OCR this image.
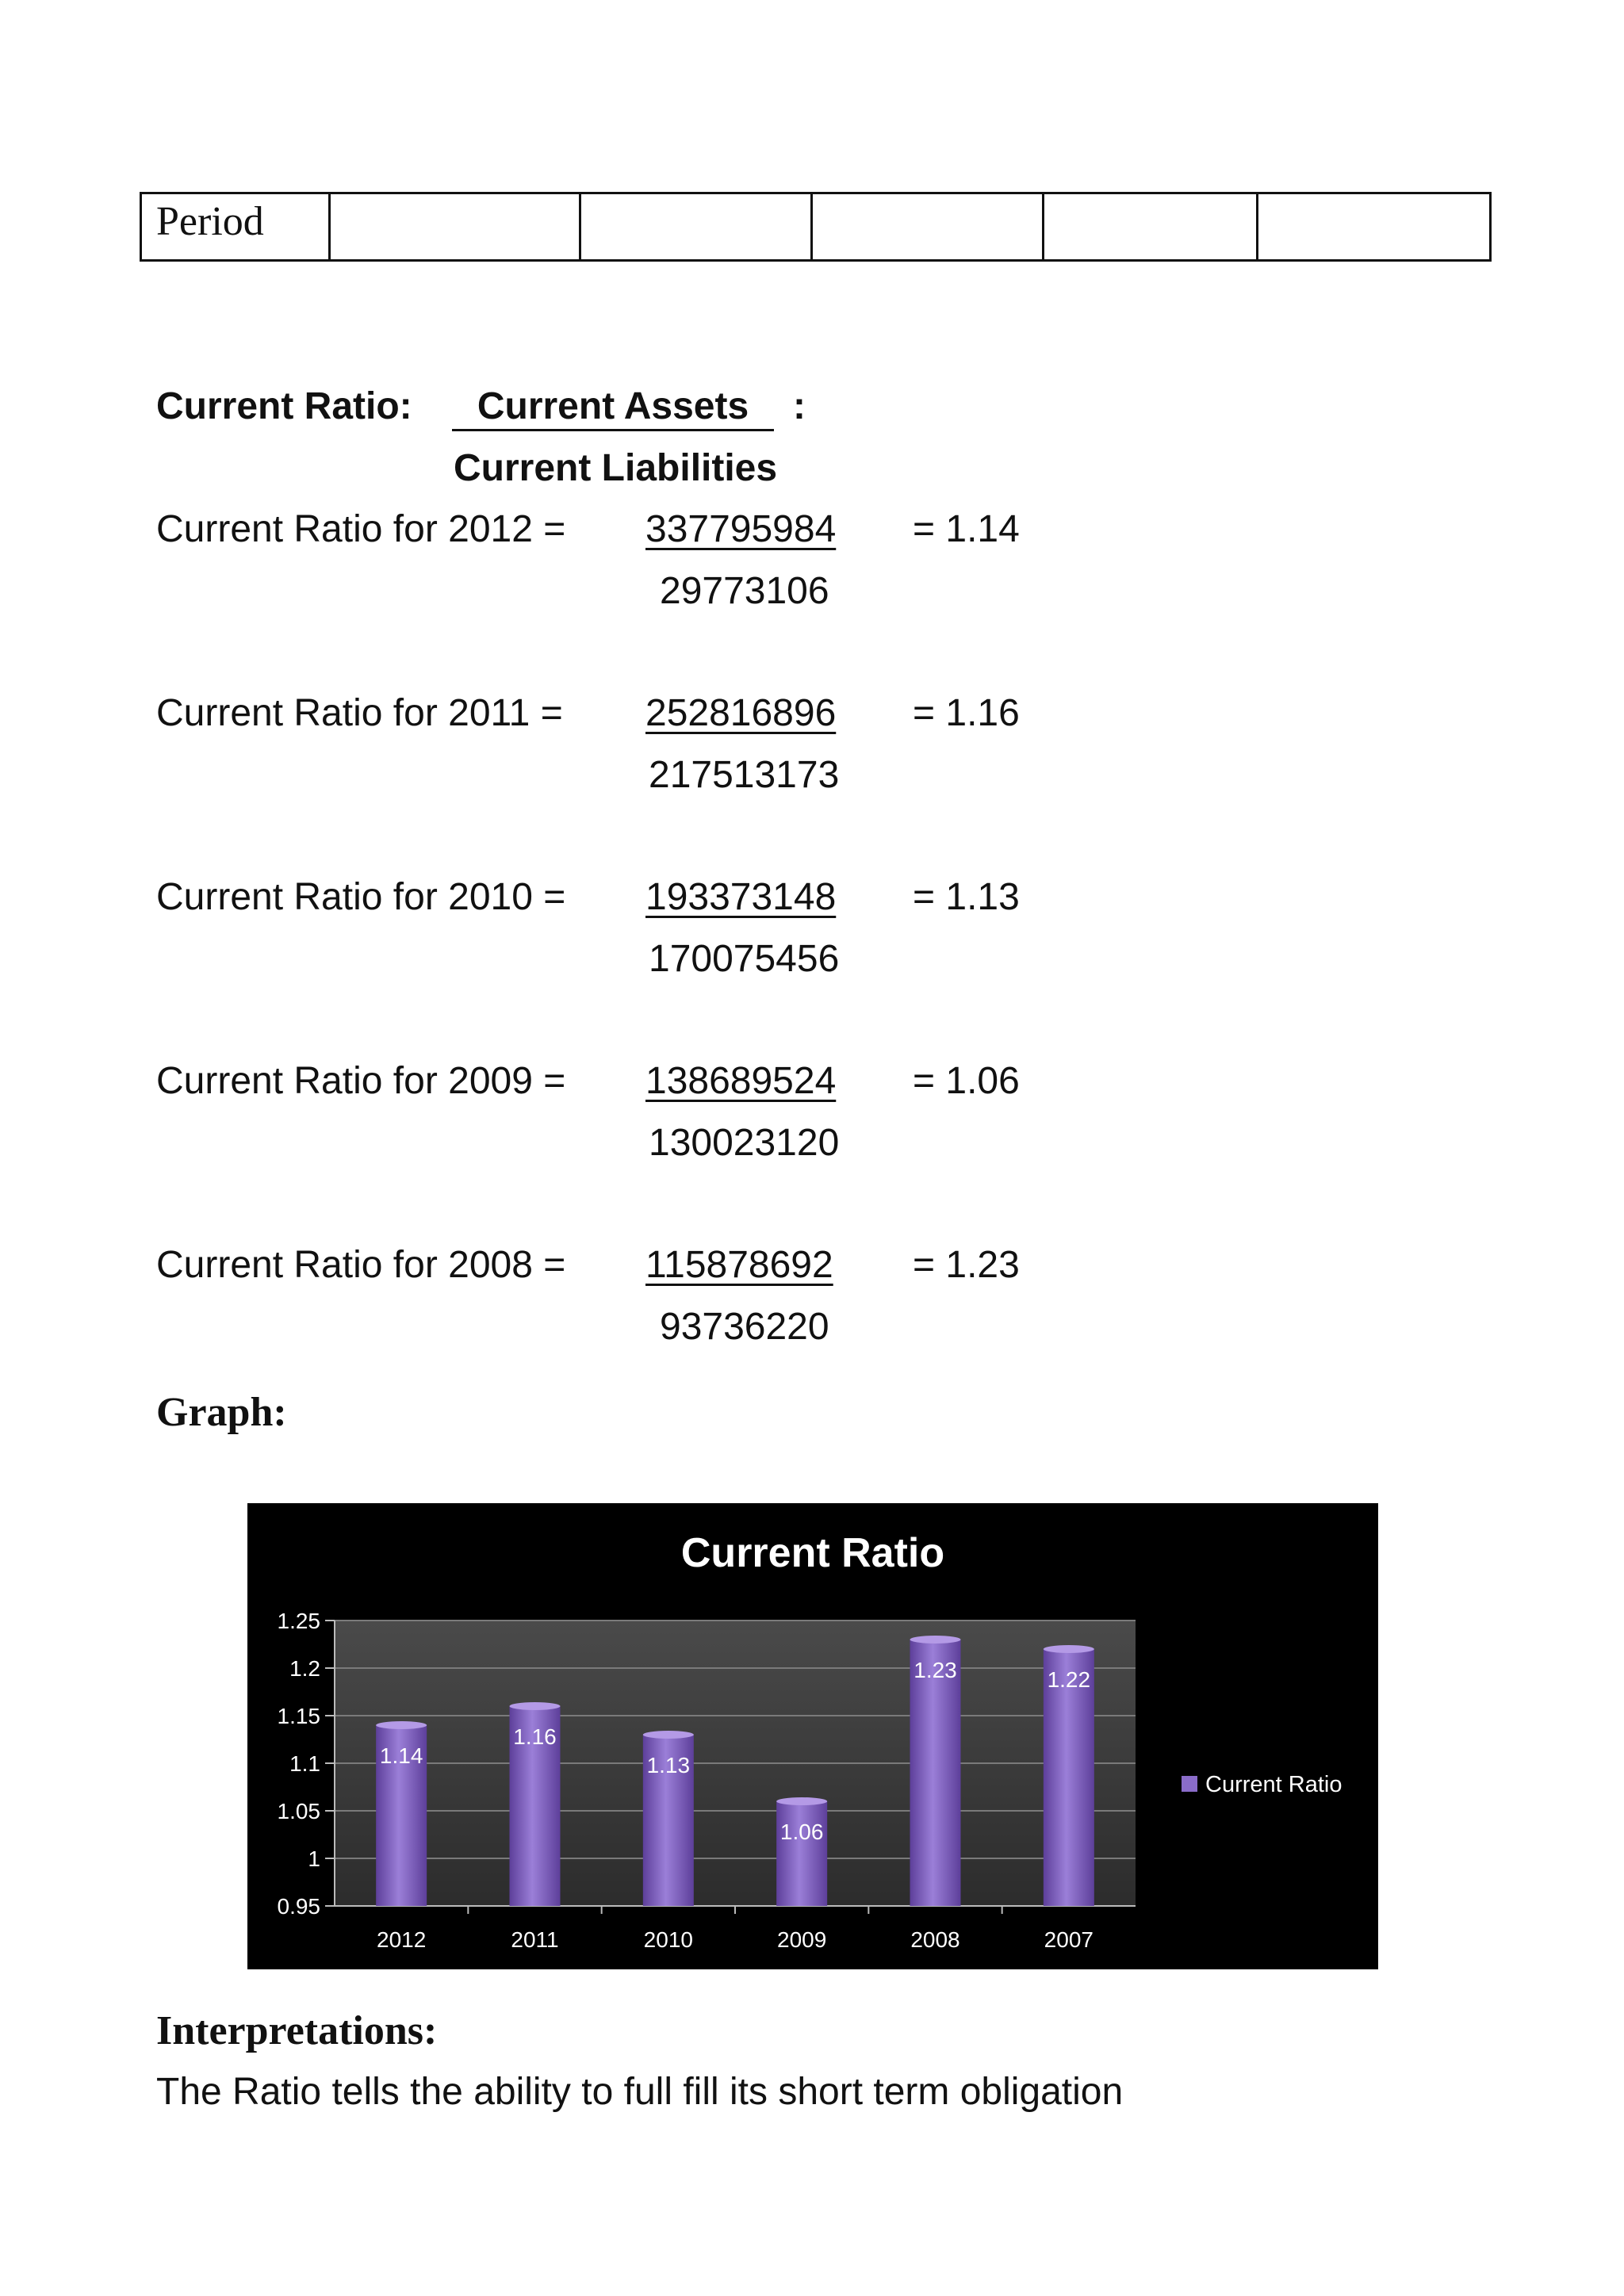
Period					
Current Ratio:	Current Assets	:
Current Liabilities
Current Ratio for 2012 = 337795984 = 1.14
29773106
Current Ratio for 2011 = 252816896 = 1.16
217513173
Current Ratio for 2010 = 193373148 = 1.13
170075456
Current Ratio for 2009 = 138689524 = 1.06
130023120
Current Ratio for 2008 = 115878692 = 1.23
93736220
Graph:
Current Ratio
0.95
1
1.05
1.1
1.15
1.2
1.25
1.14
2012
1.16
2011
1.13
2010
1.06
2009
1.23
2008
1.22
2007
Current Ratio
Interpretations:
The Ratio tells the ability to full fill its short term obligation
